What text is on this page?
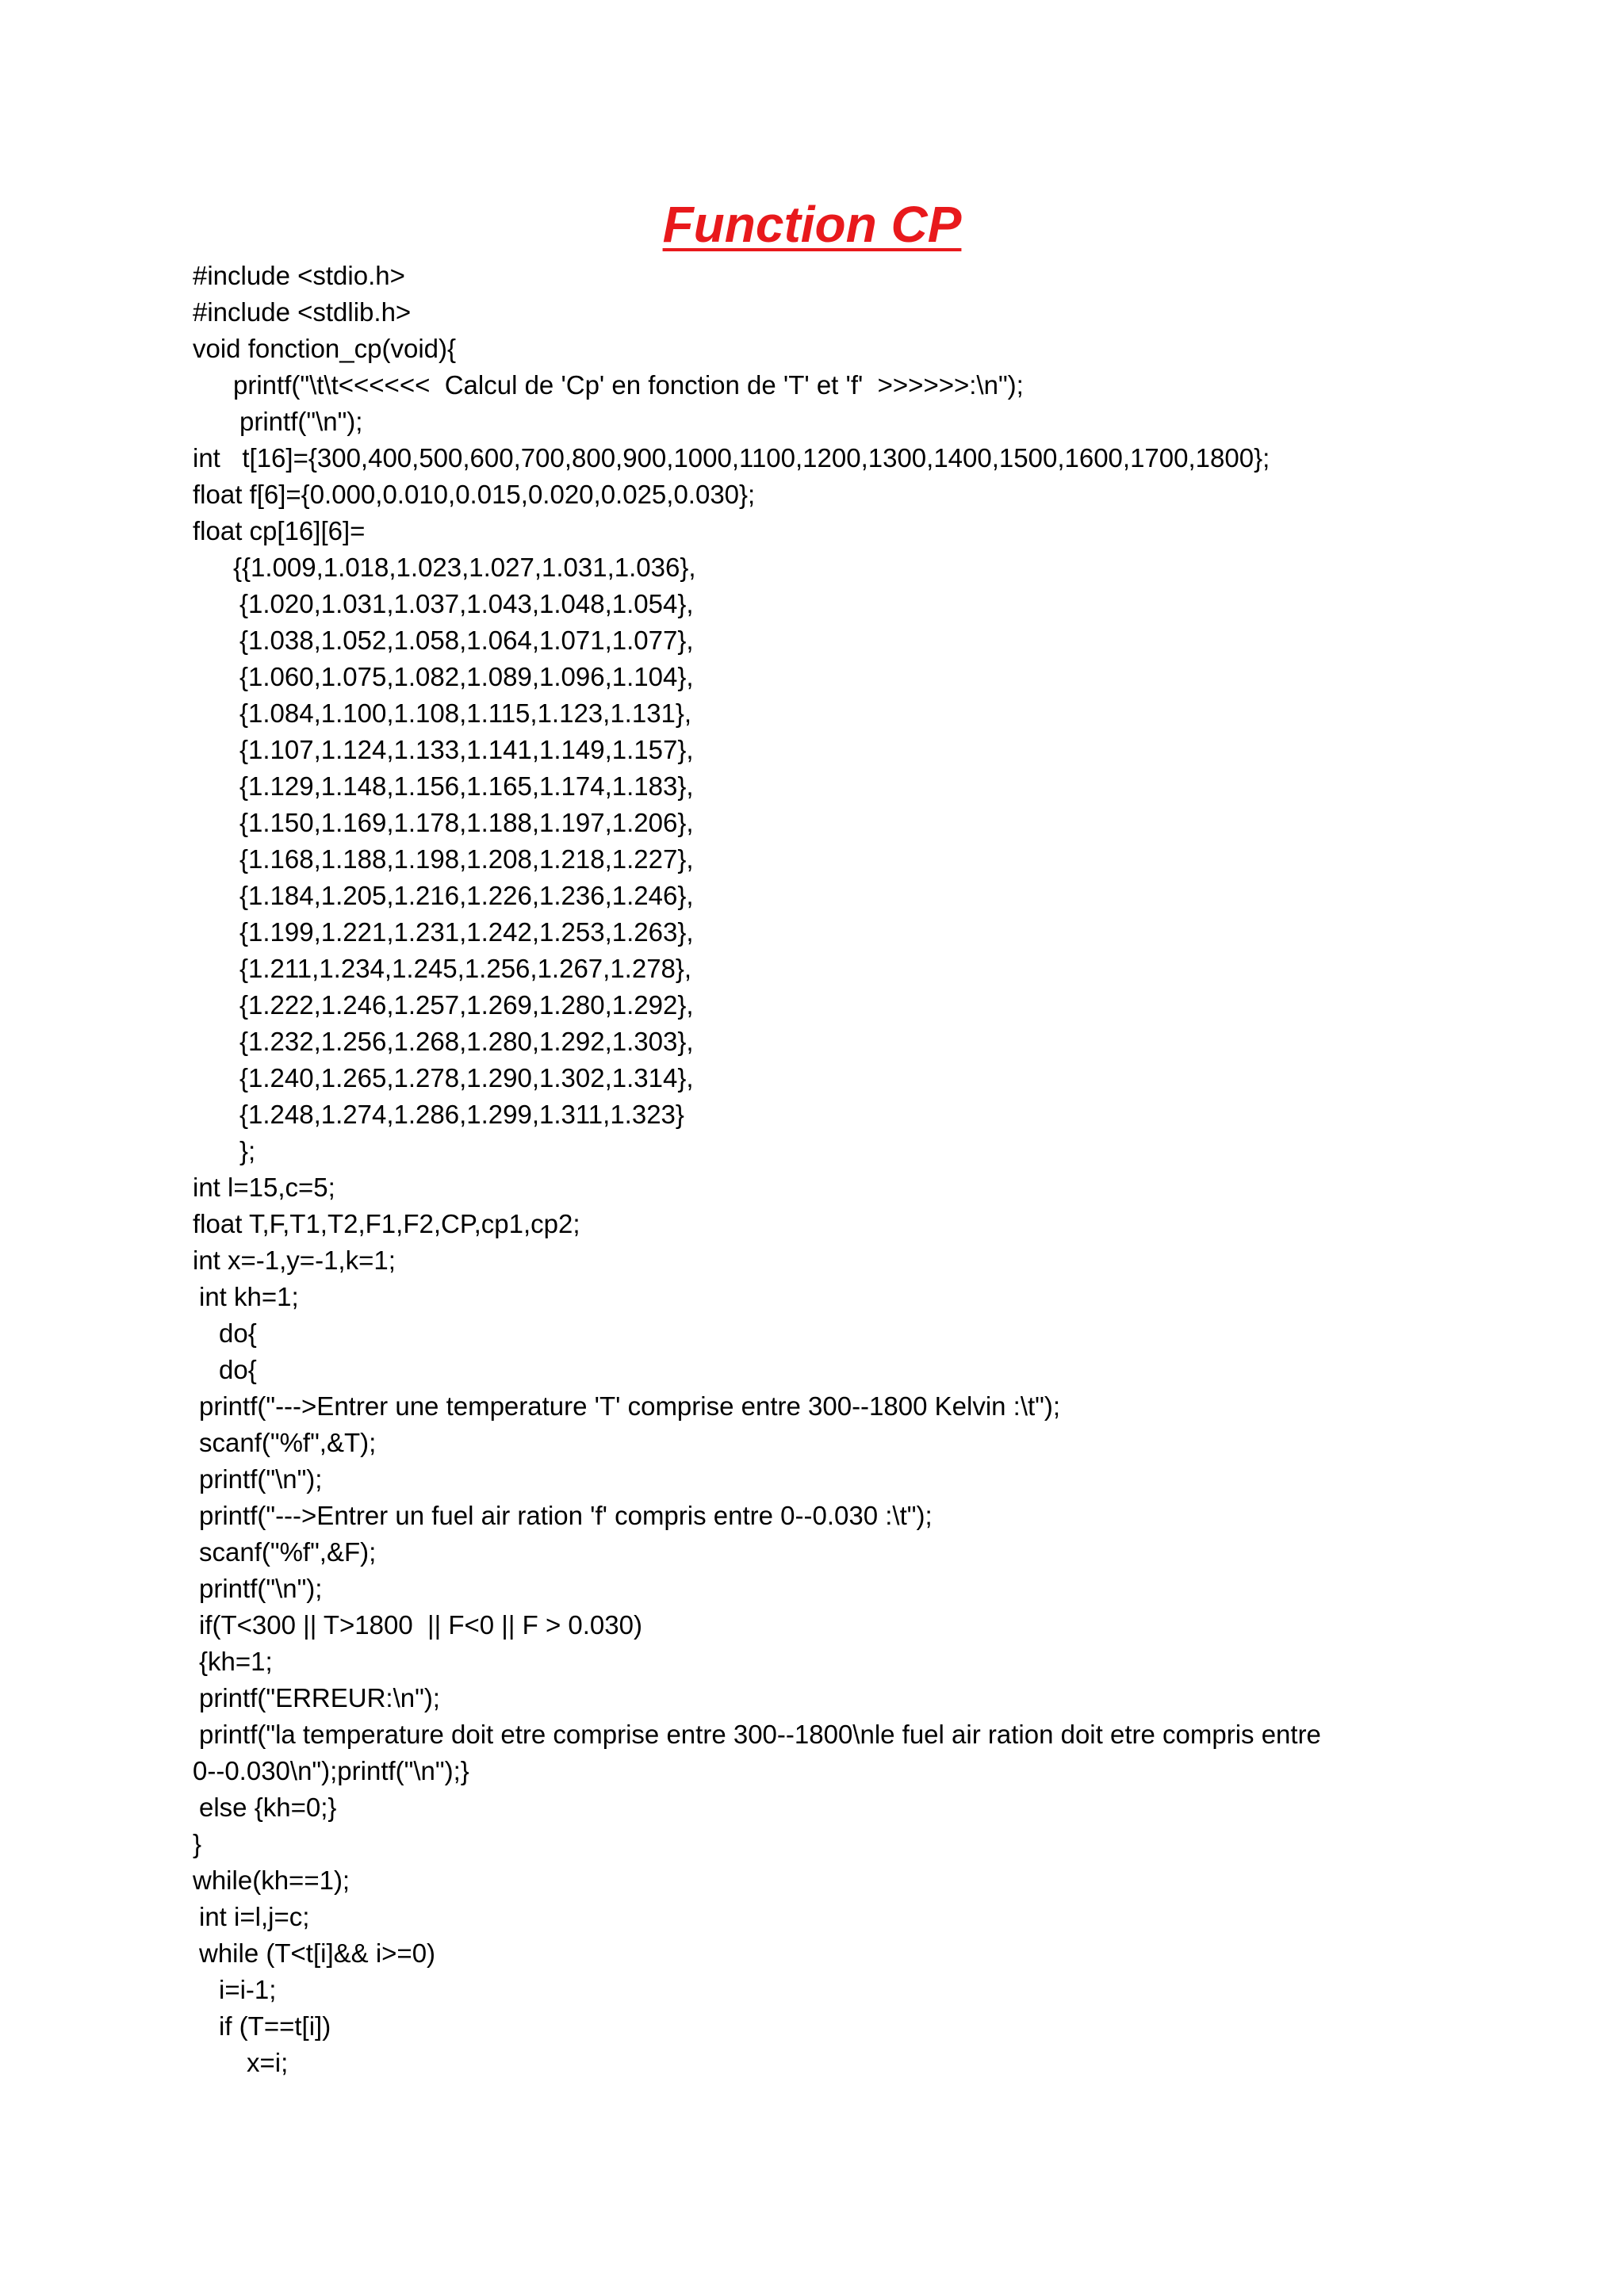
Function CP
#include <stdio.h>
#include <stdlib.h>
void fonction_cp(void){
printf("\t\t<<<<<<  Calcul de 'Cp' en fonction de 'T' et 'f'  >>>>>>:\n");
printf("\n");
int   t[16]={300,400,500,600,700,800,900,1000,1100,1200,1300,1400,1500,1600,1700,1800};
float f[6]={0.000,0.010,0.015,0.020,0.025,0.030};
float cp[16][6]=
{{1.009,1.018,1.023,1.027,1.031,1.036},
{1.020,1.031,1.037,1.043,1.048,1.054},
{1.038,1.052,1.058,1.064,1.071,1.077},
{1.060,1.075,1.082,1.089,1.096,1.104},
{1.084,1.100,1.108,1.115,1.123,1.131},
{1.107,1.124,1.133,1.141,1.149,1.157},
{1.129,1.148,1.156,1.165,1.174,1.183},
{1.150,1.169,1.178,1.188,1.197,1.206},
{1.168,1.188,1.198,1.208,1.218,1.227},
{1.184,1.205,1.216,1.226,1.236,1.246},
{1.199,1.221,1.231,1.242,1.253,1.263},
{1.211,1.234,1.245,1.256,1.267,1.278},
{1.222,1.246,1.257,1.269,1.280,1.292},
{1.232,1.256,1.268,1.280,1.292,1.303},
{1.240,1.265,1.278,1.290,1.302,1.314},
{1.248,1.274,1.286,1.299,1.311,1.323}
};
int l=15,c=5;
float T,F,T1,T2,F1,F2,CP,cp1,cp2;
int x=-1,y=-1,k=1;
int kh=1;
do{
do{
printf("--->Entrer une temperature 'T' comprise entre 300--1800 Kelvin :\t");
scanf("%f",&T);
printf("\n");
printf("--->Entrer un fuel air ration 'f' compris entre 0--0.030 :\t");
scanf("%f",&F);
printf("\n");
if(T<300 || T>1800  || F<0 || F > 0.030)
{kh=1;
printf("ERREUR:\n");
printf("la temperature doit etre comprise entre 300--1800\nle fuel air ration doit etre compris entre
0--0.030\n");printf("\n");}
else {kh=0;}
}
while(kh==1);
int i=l,j=c;
while (T<t[i]&& i>=0)
i=i-1;
if (T==t[i])
x=i;
